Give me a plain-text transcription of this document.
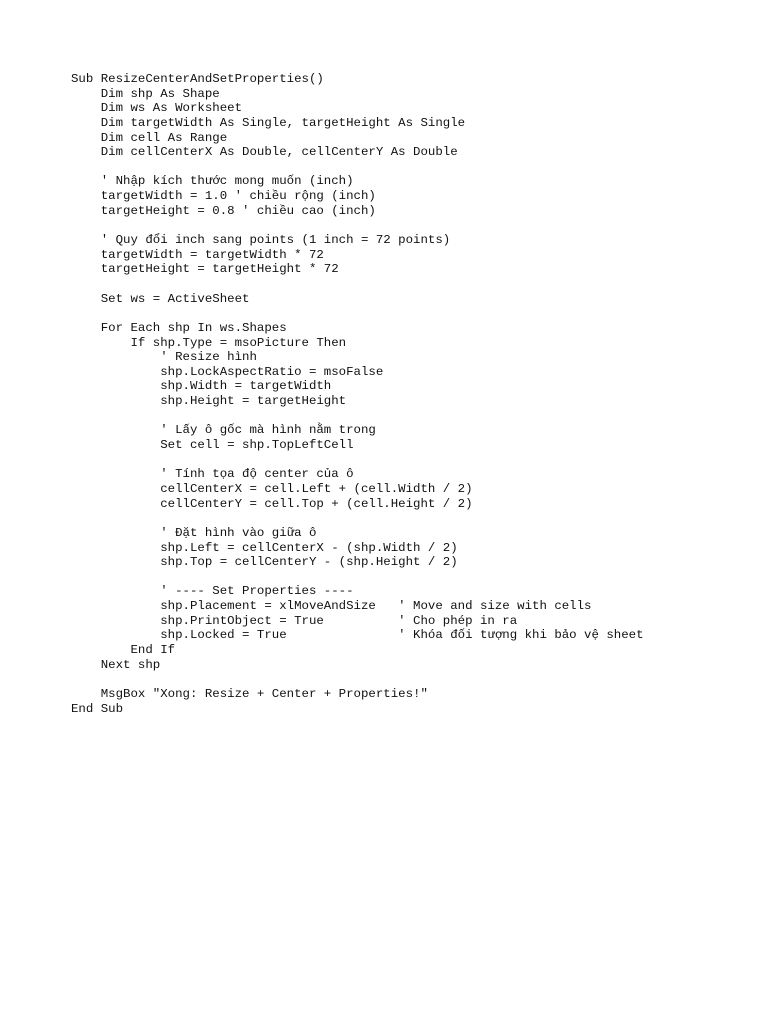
Sub ResizeCenterAndSetProperties()
Dim shp As Shape
Dim ws As Worksheet
Dim targetWidth As Single, targetHeight As Single
Dim cell As Range
Dim cellCenterX As Double, cellCenterY As Double
' Nhập kích thước mong muốn (inch)
targetWidth = 1.0 ' chiều rộng (inch)
targetHeight = 0.8 ' chiều cao (inch)
' Quy đổi inch sang points (1 inch = 72 points)
targetWidth = targetWidth * 72
targetHeight = targetHeight * 72
Set ws = ActiveSheet
For Each shp In ws.Shapes
If shp.Type = msoPicture Then
' Resize hình
shp.LockAspectRatio = msoFalse
shp.Width = targetWidth
shp.Height = targetHeight
' Lấy ô gốc mà hình nằm trong
Set cell = shp.TopLeftCell
' Tính tọa độ center của ô
cellCenterX = cell.Left + (cell.Width / 2)
cellCenterY = cell.Top + (cell.Height / 2)
' Đặt hình vào giữa ô
shp.Left = cellCenterX - (shp.Width / 2)
shp.Top = cellCenterY - (shp.Height / 2)
' ---- Set Properties ----
shp.Placement = xlMoveAndSize   ' Move and size with cells
shp.PrintObject = True          ' Cho phép in ra
shp.Locked = True               ' Khóa đối tượng khi bảo vệ sheet
End If
Next shp
MsgBox "Xong: Resize + Center + Properties!"
End Sub
